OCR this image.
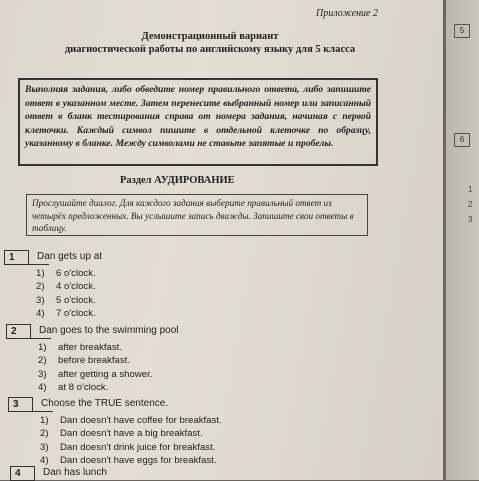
Приложение 2
Демонстрационный вариант
диагностической работы по английскому языку для 5 класса
Выполняя задания, либо обведите номер правильного ответа, либо запишите ответ в указанном месте. Затем перенесите выбранный номер или записанный ответ в бланк тестирования справа от номера задания, начиная с первой клеточки. Каждый символ пишите в отдельной клеточке по образцу, указанному в бланке. Между символами не ставьте запятые и пробелы.
Раздел АУДИРОВАНИЕ
Прослушайте диалог. Для каждого задания выберите правильный ответ из четырёх предложенных. Вы услышите запись дважды. Запишите свои ответы в таблицу.
1	Dan gets up at
1) 6 o'clock.
2) 4 o'clock.
3) 5 o'clock.
4) 7 o'clock.
2	Dan goes to the swimming pool
1) after breakfast.
2) before breakfast.
3) after getting a shower.
4) at 8 o'clock.
3	Choose the TRUE sentence.
1) Dan doesn't have coffee for breakfast.
2) Dan doesn't have a big breakfast.
3) Dan doesn't drink juice for breakfast.
4) Dan doesn't have eggs for breakfast.
4	Dan has lunch
5
6
1
2
3
